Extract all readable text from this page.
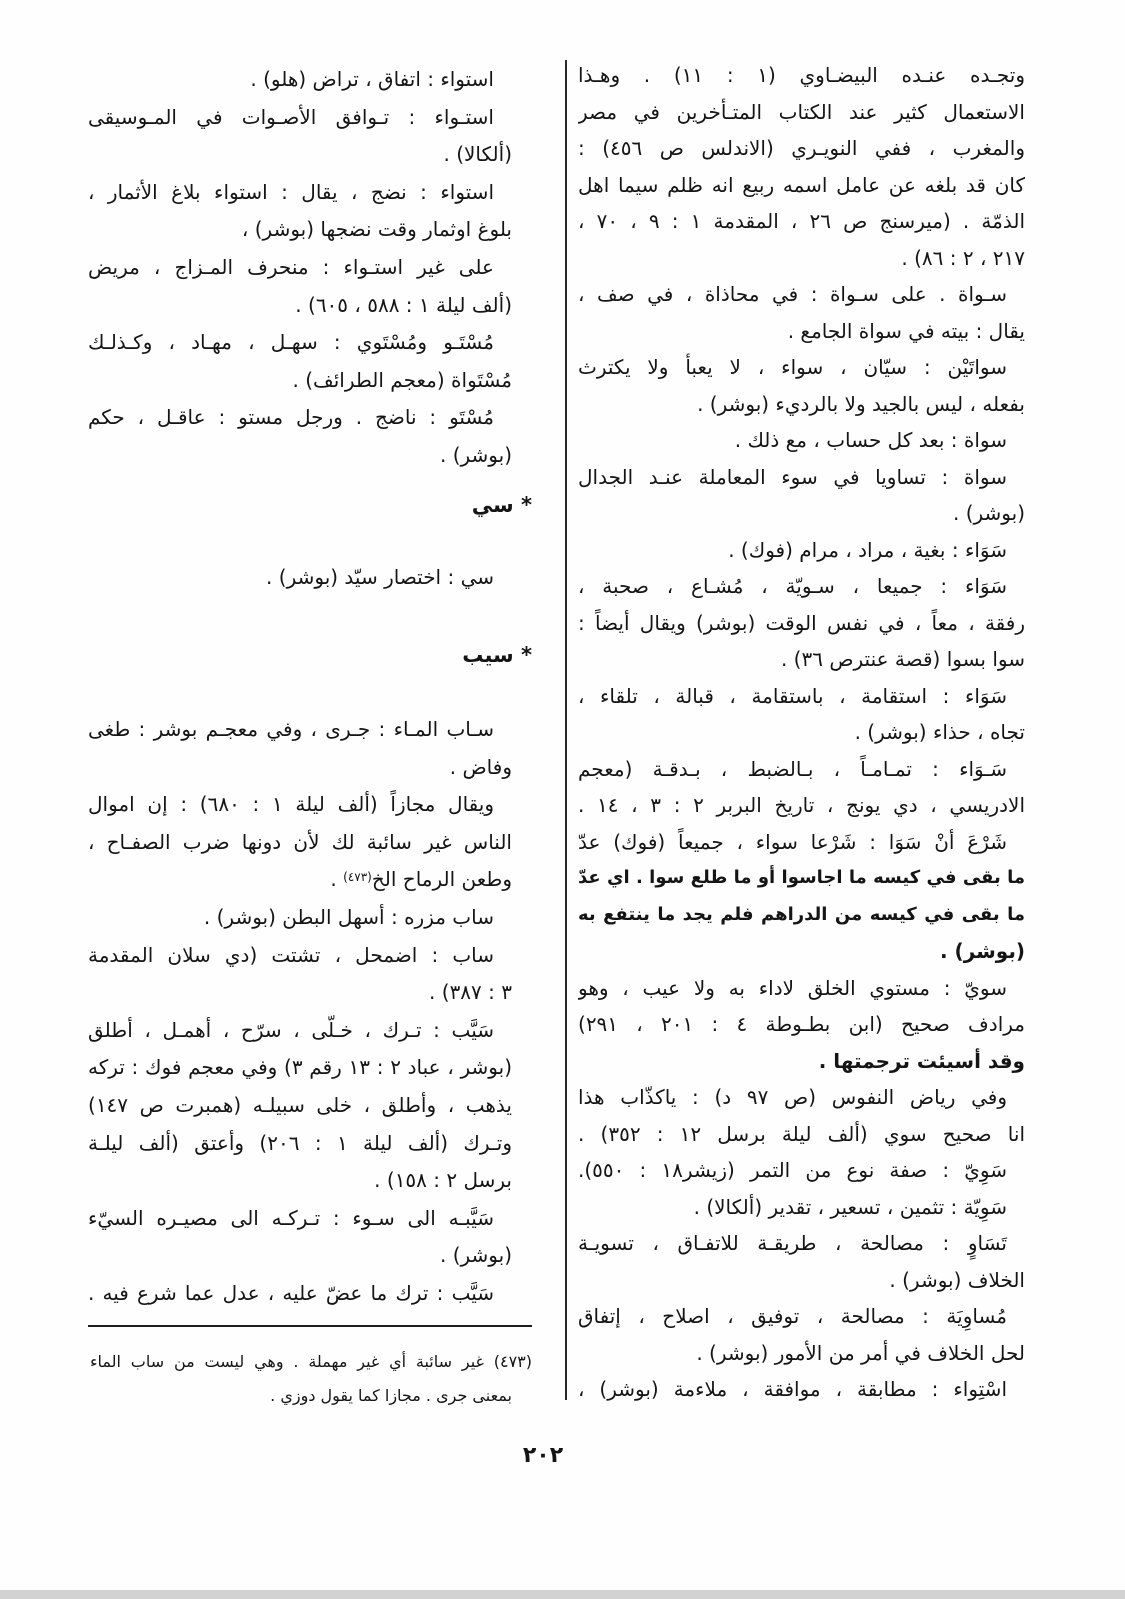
وتجـده عنـده البيضـاوي (١ : ١١) . وهـذا
الاستعمال كثير عند الكتاب المتـأخرين في مصر
والمغرب ، ففي النويـري (الاندلس ص ٤٥٦) :
كان قد بلغه عن عامل اسمه ربيع انه ظلم سيما اهل
الذمّة . (ميرسنج ص ٢٦ ، المقدمة ١ : ٩ ، ٧٠ ،
٢١٧ ، ٢ : ٨٦) .
سـواة . على سـواة : في محاذاة ، في صف ،
يقال : بيته في سواة الجامع .
سواتَيْن : سيّان ، سواء ، لا يعبأ ولا يكترث
بفعله ، ليس بالجيد ولا بالرديء (بوشر) .
سواة : بعد كل حساب ، مع ذلك .
سواة : تساويا في سوء المعاملة عنـد الجدال
(بوشر) .
سَوَاء : بغية ، مراد ، مرام (فوك) .
سَوَاء : جميعا ، سـويّة ، مُشـاع ، صحبة ،
رفقة ، معاً ، في نفس الوقت (بوشر) ويقال أيضاً :
سوا بسوا (قصة عنترص ٣٦) .
سَوَاء : استقامة ، باستقامة ، قبالة ، تلقاء ،
تجاه ، حذاء (بوشر) .
سَـوَاء : تمـامـاً ، بـالضبط ، بـدقـة (معجم
الادريسي ، دي يونج ، تاريخ البربر ٢ : ٣ ، ١٤ .
شَرْعَ أنْ سَوَا : شَرْعا سواء ، جميعاً (فوك) عدّ
ما بقى في كيسه ما اجاسوا أو ما طلع سوا . اي عدّ
ما بقى في كيسه من الدراهم فلم يجد ما ينتفع به
(بوشر) .
سويّ : مستوي الخلق لاداء به ولا عيب ، وهو
مرادف صحيح (ابن بطـوطة ٤ : ٢٠١ ، ٢٩١)
وقد أسيئت ترجمتها .
وفي رياض النفوس (ص ٩٧ د) : ياكذّاب هذا
انا صحيح سوي (ألف ليلة برسل ١٢ : ٣٥٢) .
سَوِيّ : صفة نوع من التمر (زيشر١٨ : ٥٥٠).
سَوِيّة : تثمين ، تسعير ، تقدير (ألكالا) .
تَسَاوٍ : مصالحة ، طريقـة للاتفـاق ، تسويـة
الخلاف (بوشر) .
مُساوِيَة : مصالحة ، توفيق ، اصلاح ، إتفاق
لحل الخلاف في أمر من الأمور (بوشر) .
اسْتِواء : مطابقة ، موافقة ، ملاءمة (بوشر) ،
استواء : اتفاق ، تراض (هلو) .
استـواء : تـوافق الأصـوات في المـوسيقى
(ألكالا) .
استواء : نضج ، يقال : استواء بلاغ الأثمار ،
بلوغ اوثمار وقت نضجها (بوشر) ،
على غير استـواء : منحرف المـزاج ، مريض
(ألف ليلة ١ : ٥٨٨ ، ٦٠٥) .
مُسْتَـو ومُسْتَوي : سهـل ، مهـاد ، وكـذلـك
مُسْتَواة (معجم الطرائف) .
مُسْتَو : ناضج . ورجل مستو : عاقـل ، حكم
(بوشر) .
* سي
سي : اختصار سيّد (بوشر) .
* سيب
سـاب المـاء : جـرى ، وفي معجـم بوشر : طغى
وفاض .
ويقال مجازاً (ألف ليلة ١ : ٦٨٠) : إن اموال
الناس غير سائبة لك لأن دونها ضرب الصفـاح ،
وطعن الرماح الخ$^{(٤٧٣)}$ .
ساب مزره : أسهل البطن (بوشر) .
ساب : اضمحل ، تشتت (دي سلان المقدمة
٣ : ٣٨٧) .
سَيَّب : تـرك ، خـلّى ، سرّح ، أهمـل ، أطلق
(بوشر ، عباد ٢ : ١٣ رقم ٣) وفي معجم فوك : تركه
يذهب ، وأطلق ، خلى سبيلـه (همبرت ص ١٤٧)
وتـرك (ألف ليلة ١ : ٢٠٦) وأعتق (ألف ليلـة
برسل ٢ : ١٥٨) .
سَيَّبـه الى سـوء : تـركـه الى مصيـره السيّء
(بوشر) .
سَيَّب : ترك ما عضّ عليه ، عدل عما شرع فيه .
(٤٧٣) غير سائبة أي غير مهملة . وهي ليست من ساب الماء
بمعنى جرى . مجازا كما يقول دوزي .
٢٠٢
